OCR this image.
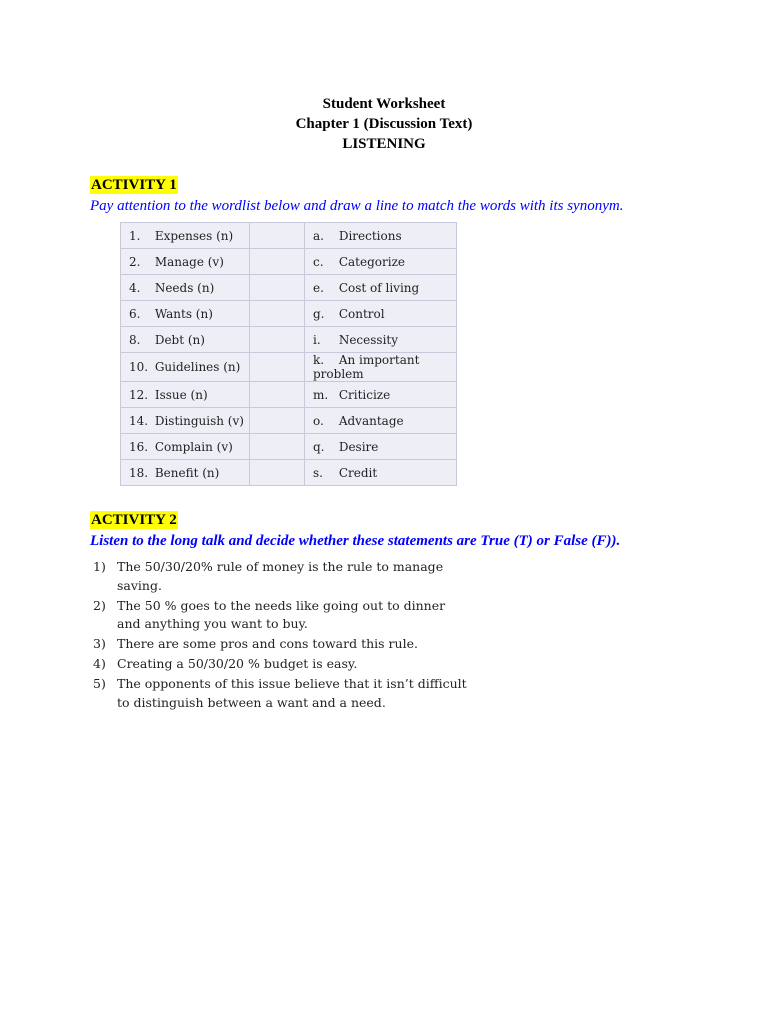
Student Worksheet
Chapter 1 (Discussion Text)
LISTENING
ACTIVITY 1
Pay attention to the wordlist below and draw a line to match the words with its synonym.
1. Expenses (n)		a. Directions
2. Manage (v)		c. Categorize
4. Needs (n)		e. Cost of living
6. Wants (n)		g. Control
8. Debt (n)		i. Necessity
10. Guidelines (n)		k. An important problem
12. Issue (n)		m. Criticize
14. Distinguish (v)		o. Advantage
16. Complain (v)		q. Desire
18. Benefit (n)		s. Credit
ACTIVITY 2
Listen to the long talk and decide whether these statements are True (T) or False (F)).
1) The 50/30/20% rule of money is the rule to manage saving.
2) The 50 % goes to the needs like going out to dinner and anything you want to buy.
3) There are some pros and cons toward this rule.
4) Creating a 50/30/20 % budget is easy.
5) The opponents of this issue believe that it isn’t difficult to distinguish between a want and a need.
